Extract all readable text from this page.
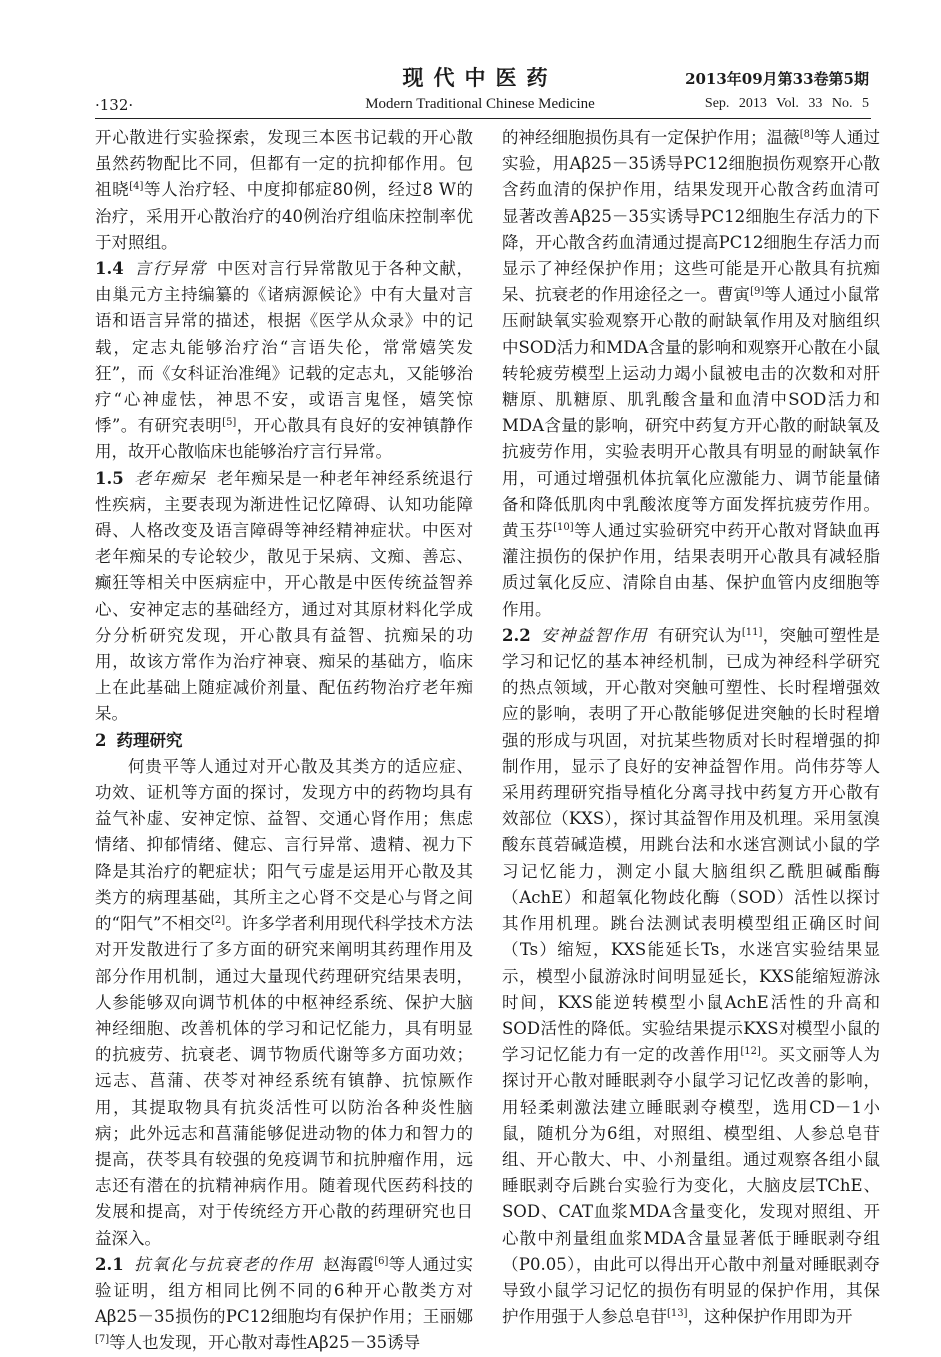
现代中医药	2013年09月第33卷第5期
·132·	Modern Traditional Chinese Medicine	Sep. 2013 Vol. 33 No. 5

开心散进行实验探索，发现三本医书记载的开心散虽然药物配比不同，但都有一定的抗抑郁作用。包祖晓[4]等人治疗轻、中度抑郁症80例，经过8 W的治疗，采用开心散治疗的40例治疗组临床控制率优于对照组。

1.4 言行异常 中医对言行异常散见于各种文献，由巢元方主持编纂的《诸病源候论》中有大量对言语和语言异常的描述，根据《医学从众录》中的记载，定志丸能够治疗治“言语失伦，常常嬉笑发狂”，而《女科证治准绳》记载的定志丸，又能够治疗“心神虚怯，神思不安，或语言鬼怪，嬉笑惊悸”。有研究表明[5]，开心散具有良好的安神镇静作用，故开心散临床也能够治疗言行异常。

1.5 老年痴呆 老年痴呆是一种老年神经系统退行性疾病，主要表现为渐进性记忆障碍、认知功能障碍、人格改变及语言障碍等神经精神症状。中医对老年痴呆的专论较少，散见于呆病、文痴、善忘、癫狂等相关中医病症中，开心散是中医传统益智养心、安神定志的基础经方，通过对其原材料化学成分分析研究发现，开心散具有益智、抗痴呆的功用，故该方常作为治疗神衰、痴呆的基础方，临床上在此基础上随症减价剂量、配伍药物治疗老年痴呆。

2 药理研究

何贵平等人通过对开心散及其类方的适应症、功效、证机等方面的探讨，发现方中的药物均具有益气补虚、安神定惊、益智、交通心肾作用；焦虑情绪、抑郁情绪、健忘、言行异常、遗精、视力下降是其治疗的靶症状；阳气亏虚是运用开心散及其类方的病理基础，其所主之心肾不交是心与肾之间的“阳气”不相交[2]。许多学者利用现代科学技术方法对开发散进行了多方面的研究来阐明其药理作用及部分作用机制，通过大量现代药理研究结果表明，人参能够双向调节机体的中枢神经系统、保护大脑神经细胞、改善机体的学习和记忆能力，具有明显的抗疲劳、抗衰老、调节物质代谢等多方面功效；远志、菖蒲、茯苓对神经系统有镇静、抗惊厥作用，其提取物具有抗炎活性可以防治各种炎性脑病；此外远志和菖蒲能够促进动物的体力和智力的提高，茯苓具有较强的免疫调节和抗肿瘤作用，远志还有潜在的抗精神病作用。随着现代医药科技的发展和提高，对于传统经方开心散的药理研究也日益深入。

2.1 抗氧化与抗衰老的作用 赵海霞[6]等人通过实验证明，组方相同比例不同的6种开心散类方对Aβ25－35损伤的PC12细胞均有保护作用；王丽娜[7]等人也发现，开心散对毒性Aβ25－35诱导

的神经细胞损伤具有一定保护作用；温薇[8]等人通过实验，用Aβ25－35诱导PC12细胞损伤观察开心散含药血清的保护作用，结果发现开心散含药血清可显著改善Aβ25－35实诱导PC12细胞生存活力的下降，开心散含药血清通过提高PC12细胞生存活力而显示了神经保护作用；这些可能是开心散具有抗痴呆、抗衰老的作用途径之一。曹寅[9]等人通过小鼠常压耐缺氧实验观察开心散的耐缺氧作用及对脑组织中SOD活力和MDA含量的影响和观察开心散在小鼠转轮疲劳模型上运动力竭小鼠被电击的次数和对肝糖原、肌糖原、肌乳酸含量和血清中SOD活力和MDA含量的影响，研究中药复方开心散的耐缺氧及抗疲劳作用，实验表明开心散具有明显的耐缺氧作用，可通过增强机体抗氧化应激能力、调节能量储备和降低肌肉中乳酸浓度等方面发挥抗疲劳作用。黄玉芬[10]等人通过实验研究中药开心散对肾缺血再灌注损伤的保护作用，结果表明开心散具有减轻脂质过氧化反应、清除自由基、保护血管内皮细胞等作用。

2.2 安神益智作用 有研究认为[11]，突触可塑性是学习和记忆的基本神经机制，已成为神经科学研究的热点领域，开心散对突触可塑性、长时程增强效应的影响，表明了开心散能够促进突触的长时程增强的形成与巩固，对抗某些物质对长时程增强的抑制作用，显示了良好的安神益智作用。尚伟芬等人采用药理研究指导植化分离寻找中药复方开心散有效部位（KXS），探讨其益智作用及机理。采用氢溴酸东莨菪碱造模，用跳台法和水迷宫测试小鼠的学习记忆能力，测定小鼠大脑组织乙酰胆碱酯酶（AchE）和超氧化物歧化酶（SOD）活性以探讨其作用机理。跳台法测试表明模型组正确区时间（Ts）缩短，KXS能延长Ts，水迷宫实验结果显示，模型小鼠游泳时间明显延长，KXS能缩短游泳时间，KXS能逆转模型小鼠AchE活性的升高和SOD活性的降低。实验结果提示KXS对模型小鼠的学习记忆能力有一定的改善作用[12]。买文丽等人为探讨开心散对睡眠剥夺小鼠学习记忆改善的影响，用轻柔刺激法建立睡眠剥夺模型，选用CD－1小鼠，随机分为6组，对照组、模型组、人参总皂苷组、开心散大、中、小剂量组。通过观察各组小鼠睡眠剥夺后跳台实验行为变化，大脑皮层TChE、SOD、CAT血浆MDA含量变化，发现对照组、开心散中剂量组血浆MDA含量显著低于睡眠剥夺组（P0.05），由此可以得出开心散中剂量对睡眠剥夺导致小鼠学习记忆的损伤有明显的保护作用，其保护作用强于人参总皂苷[13]，这种保护作用即为开
